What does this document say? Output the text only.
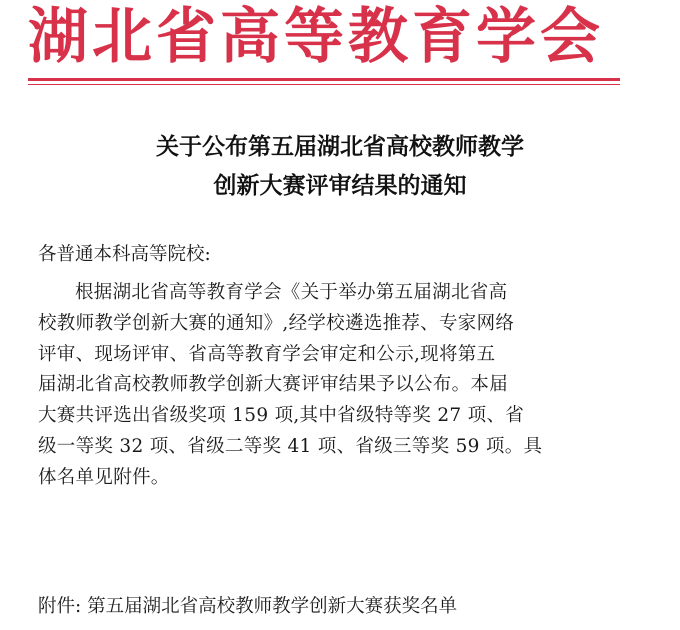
湖北省高等教育学会
关于公布第五届湖北省高校教师教学
创新大赛评审结果的通知
各普通本科高等院校:
根据湖北省高等教育学会《关于举办第五届湖北省高
校教师教学创新大赛的通知》,经学校遴选推荐、专家网络
评审、现场评审、省高等教育学会审定和公示,现将第五
届湖北省高校教师教学创新大赛评审结果予以公布。本届
大赛共评选出省级奖项 159 项,其中省级特等奖 27 项、省
级一等奖 32 项、省级二等奖 41 项、省级三等奖 59 项。具
体名单见附件。
附件: 第五届湖北省高校教师教学创新大赛获奖名单
